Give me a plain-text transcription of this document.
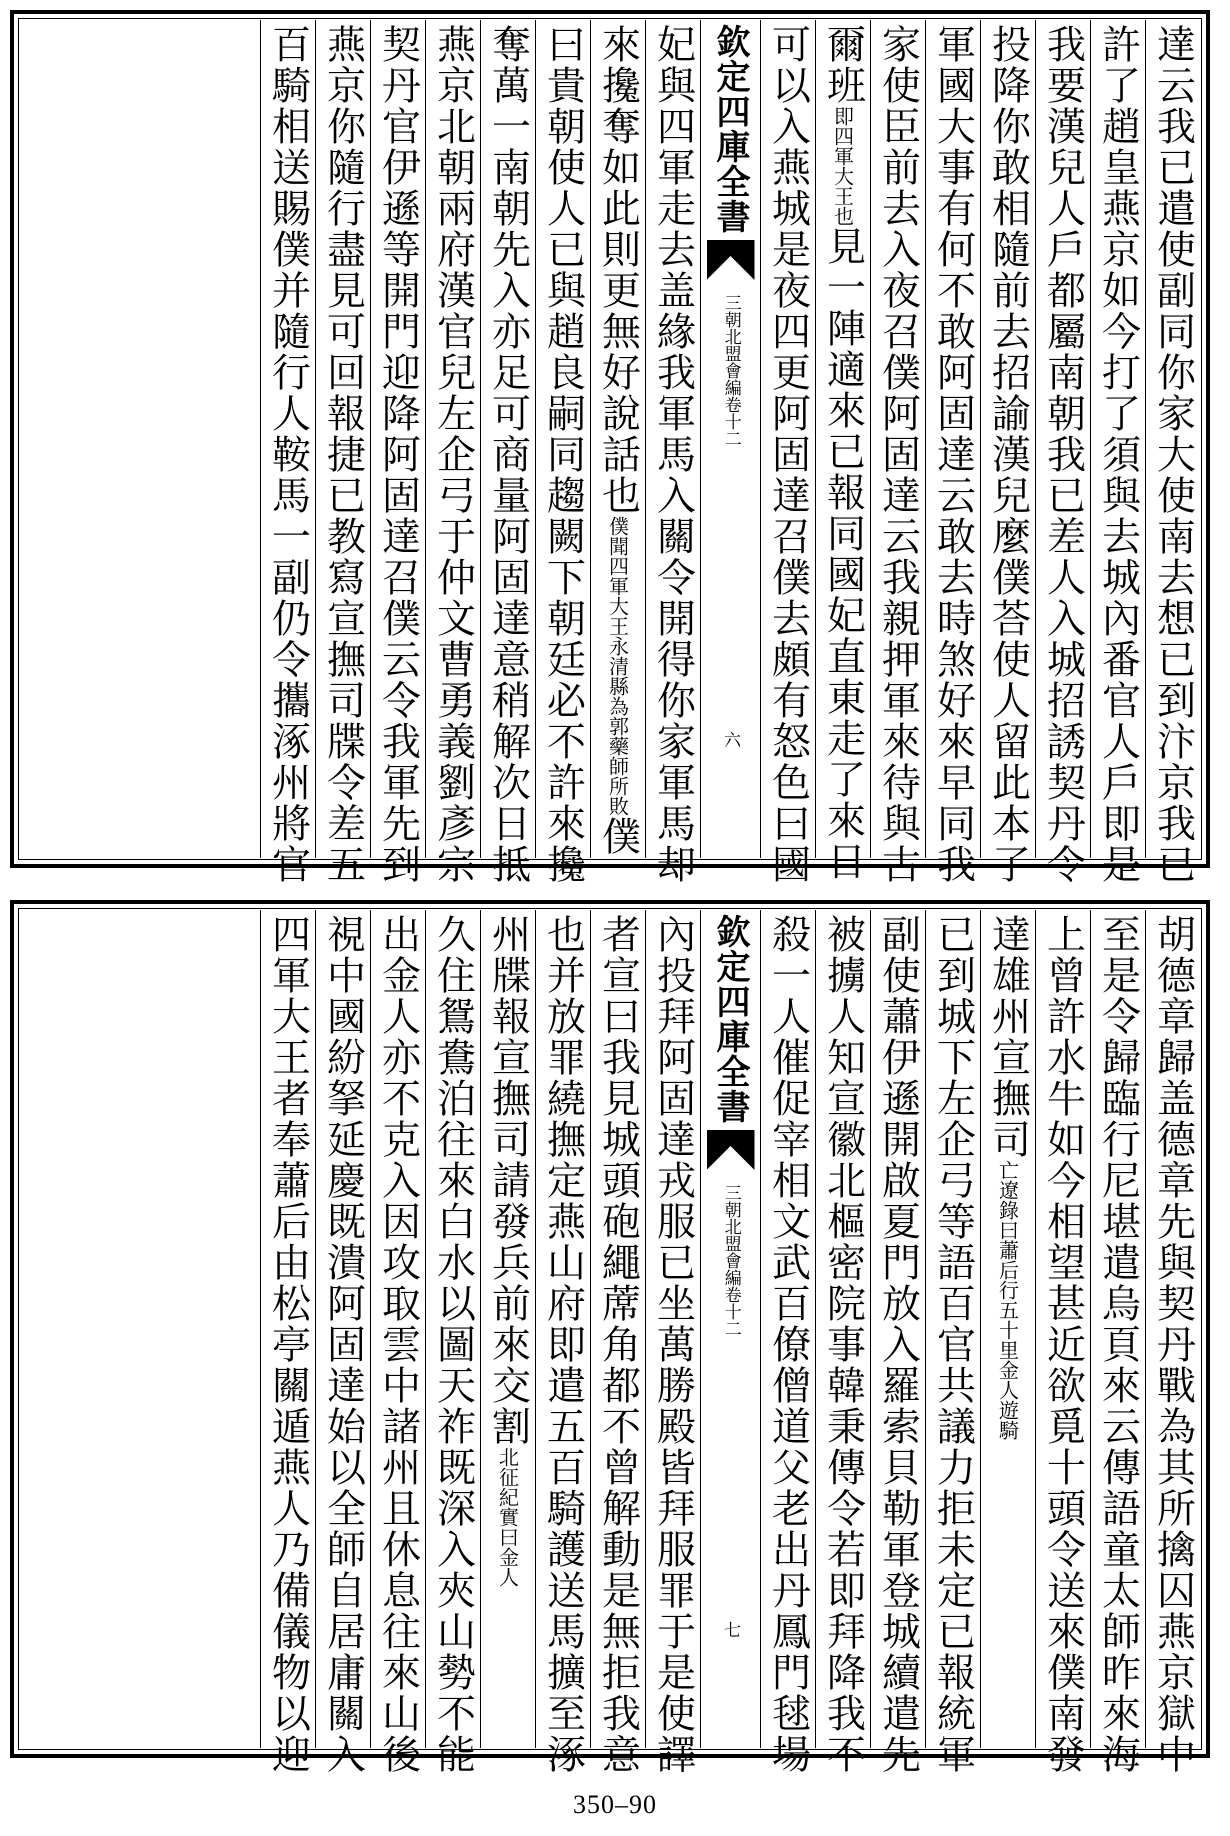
達云我已遣使副同你家大使南去想已到汴京我已
許了趙皇燕京如今打了須與去城內番官人戶即是
我要漢兒人戶都屬南朝我已差人入城招誘契丹令
投降你敢相隨前去招諭漢兒麼僕荅使人留此本了
軍國大事有何不敢阿固達云敢去時煞好來早同我
家使臣前去入夜召僕阿固達云我親押軍來待與古
爾班即四軍大王也見一陣適來已報同國妃直東走了來日
可以入燕城是夜四更阿固達召僕去頗有怒色曰國
欽定四庫全書
三朝北盟會編卷十二
六
妃與四軍走去盖緣我軍馬入關令開得你家軍馬却
來攙奪如此則更無好說話也僕聞四軍大王永清縣為郭藥師所敗僕
曰貴朝使人已與趙良嗣同趨闕下朝廷必不許來攙
奪萬一南朝先入亦足可商量阿固達意稍解次日抵
燕京北朝兩府漢官兒左企弓于仲文曹勇義劉彥宗
契丹官伊遜等開門迎降阿固達召僕云令我軍先到
燕京你隨行盡見可回報捷已教寫宣撫司牒令差五
百騎相送賜僕并隨行人鞍馬一副仍令攜涿州將官
胡德章歸盖德章先與契丹戰為其所擒囚燕京獄中
至是令歸臨行尼堪遣烏頁來云傳語童太師昨來海
上曾許水牛如今相望甚近欲覓十頭令送來僕南發
達雄州宣撫司亡遼錄曰蕭后行五十里金人遊騎
已到城下左企弓等語百官共議力拒未定已報統軍
副使蕭伊遜開啟夏門放入羅索貝勒軍登城續遣先
被擄人知宣徽北樞密院事韓秉傳令若即拜降我不
殺一人催促宰相文武百僚僧道父老出丹鳳門毬場
欽定四庫全書
三朝北盟會編卷十二
七
內投拜阿固達戎服已坐萬勝殿皆拜服罪于是使譯
者宣曰我見城頭砲繩蓆角都不曾解動是無拒我意
也并放罪繞撫定燕山府即遣五百騎護送馬擴至涿
州牒報宣撫司請發兵前來交割北征紀實曰金人
久住鴛鴦泊往來白水以圖天祚既深入夾山勢不能
出金人亦不克入因攻取雲中諸州且休息往來山後
視中國紛拏延慶既潰阿固達始以全師自居庸關入
四軍大王者奉蕭后由松亭關遁燕人乃備儀物以迎
350–90
